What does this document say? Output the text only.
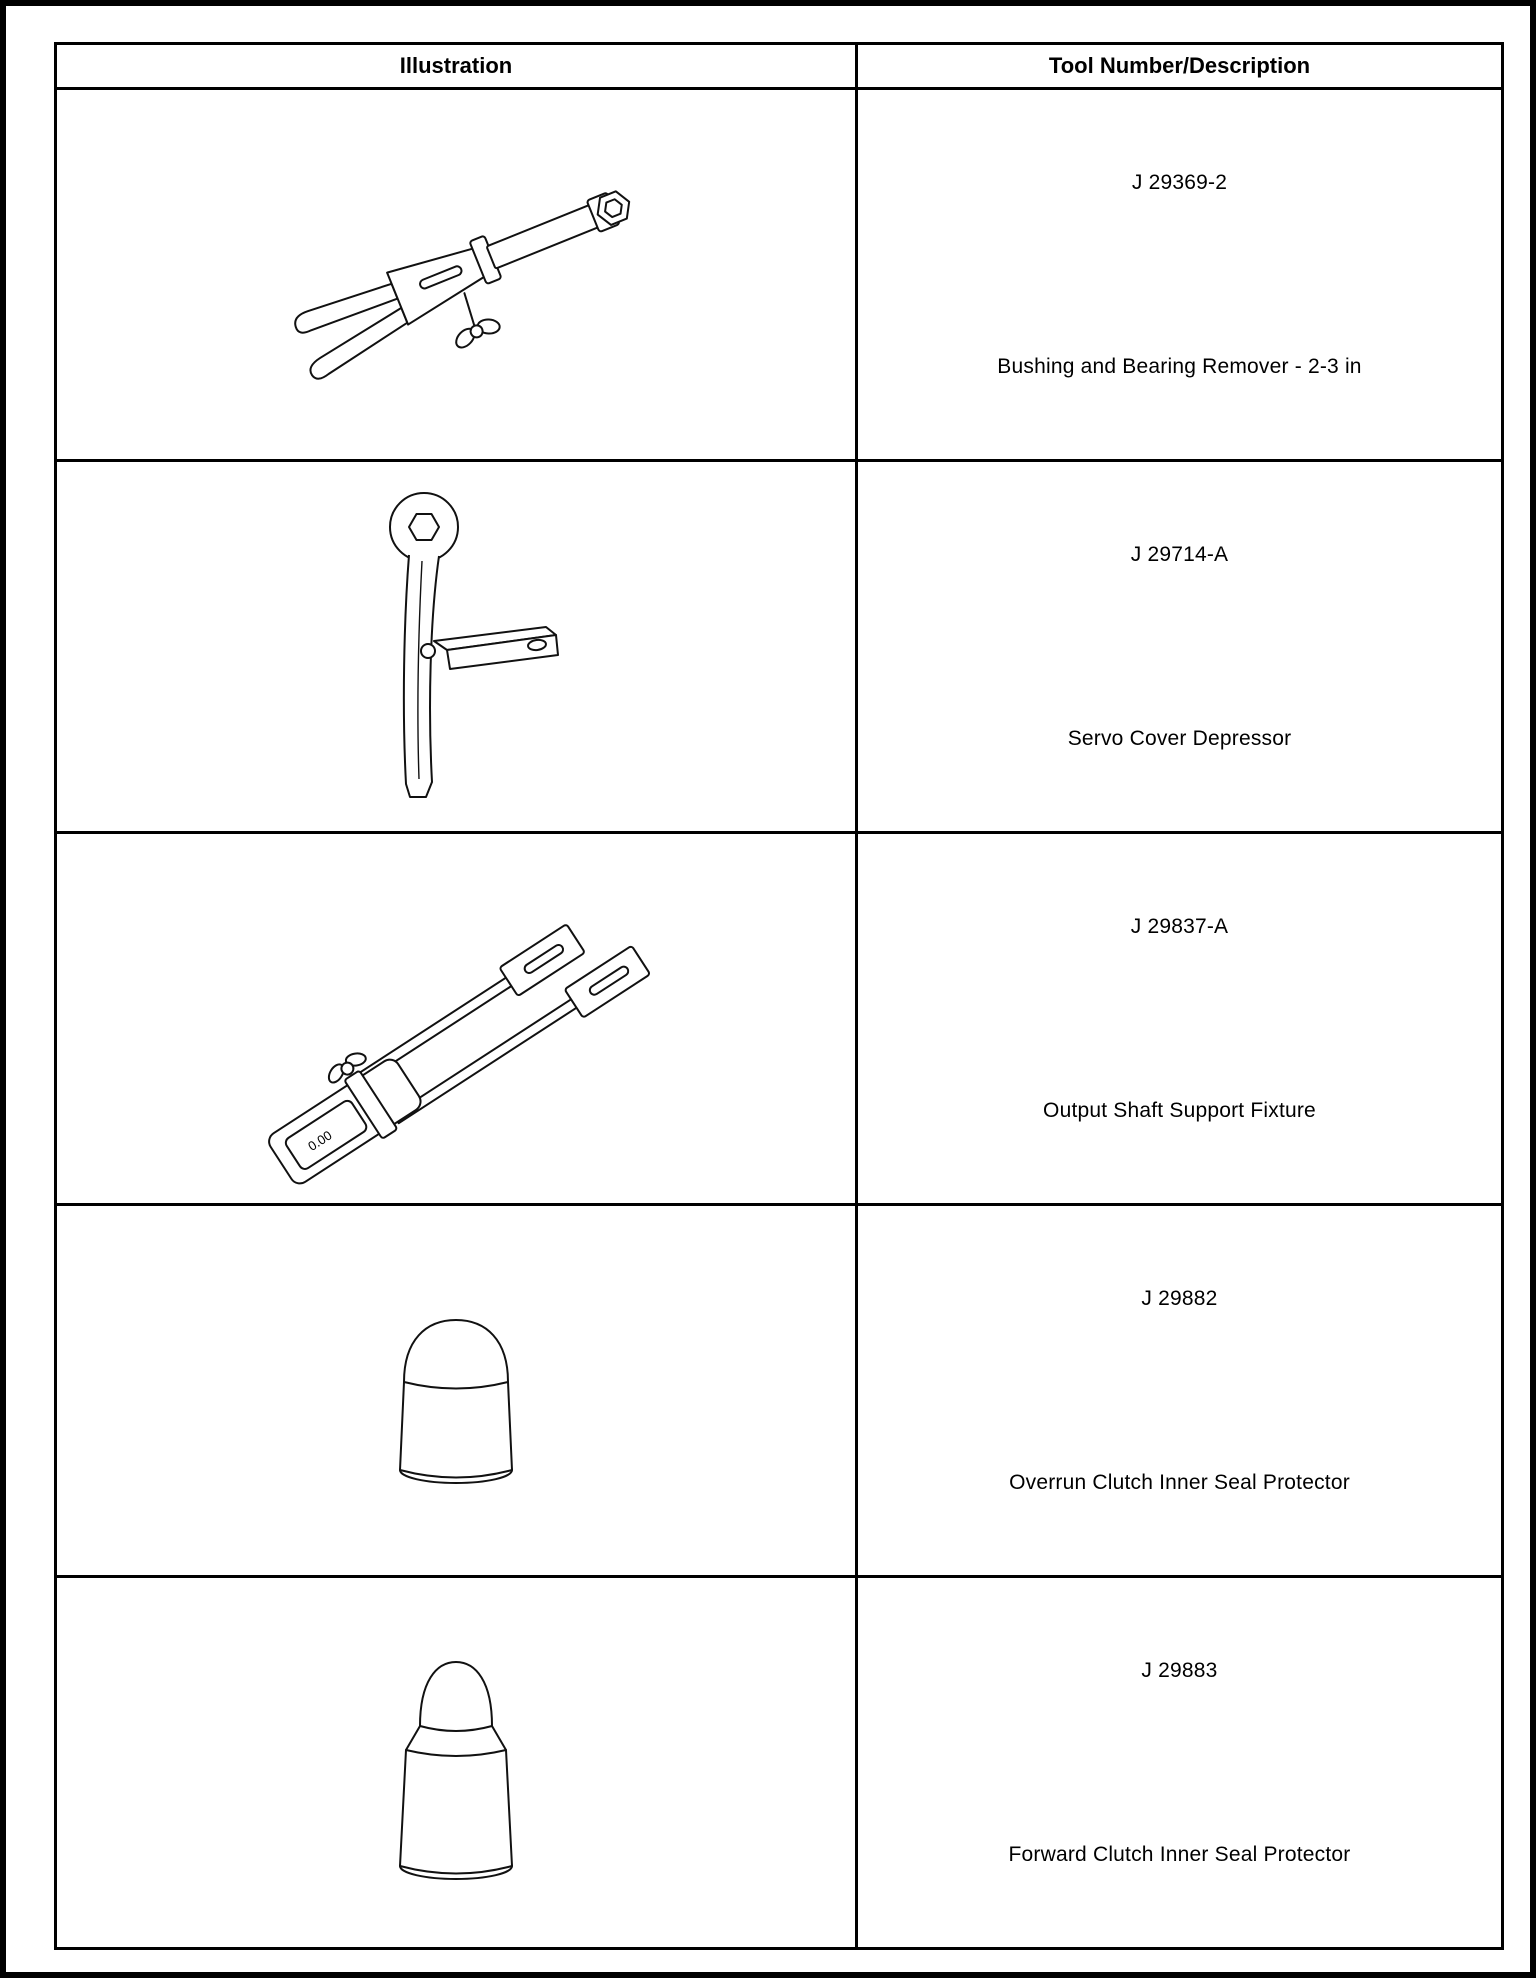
Illustration	Tool Number/Description
J 29369-2
Bushing and Bearing Remover - 2-3 in
J 29714-A
Servo Cover Depressor
0.00
J 29837-A
Output Shaft Support Fixture
J 29882
Overrun Clutch Inner Seal Protector
J 29883
Forward Clutch Inner Seal Protector
